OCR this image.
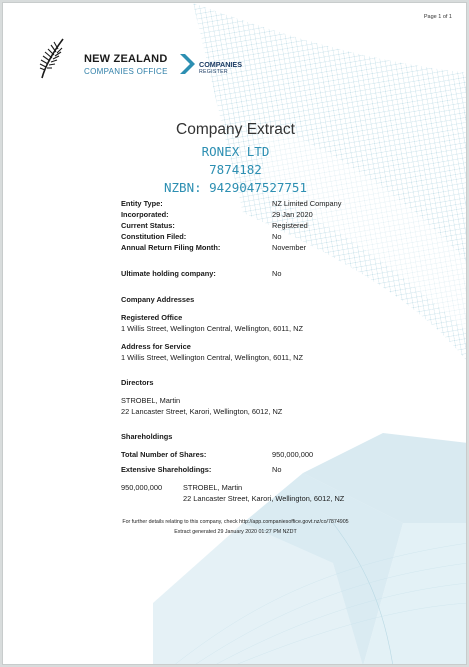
Page 1 of 1
NEW ZEALAND
COMPANIES OFFICE
COMPANIES
REGISTER
Company Extract
RONEX LTD
7874182
NZBN: 9429047527751
Entity Type:	NZ Limited Company
Incorporated:	29 Jan 2020
Current Status:	Registered
Constitution Filed:	No
Annual Return Filing Month:	November
Ultimate holding company:	No
Company Addresses
Registered Office
1 Willis Street, Wellington Central, Wellington, 6011, NZ
Address for Service
1 Willis Street, Wellington Central, Wellington, 6011, NZ
Directors
STROBEL, Martin
22 Lancaster Street, Karori, Wellington, 6012, NZ
Shareholdings
Total Number of Shares:	950,000,000
Extensive Shareholdings:	No
950,000,000	STROBEL, Martin
22 Lancaster Street, Karori, Wellington, 6012, NZ
For further details relating to this company, check http://app.companiesoffice.govt.nz/co/7874905
Extract generated 29 January 2020 01:27 PM NZDT
